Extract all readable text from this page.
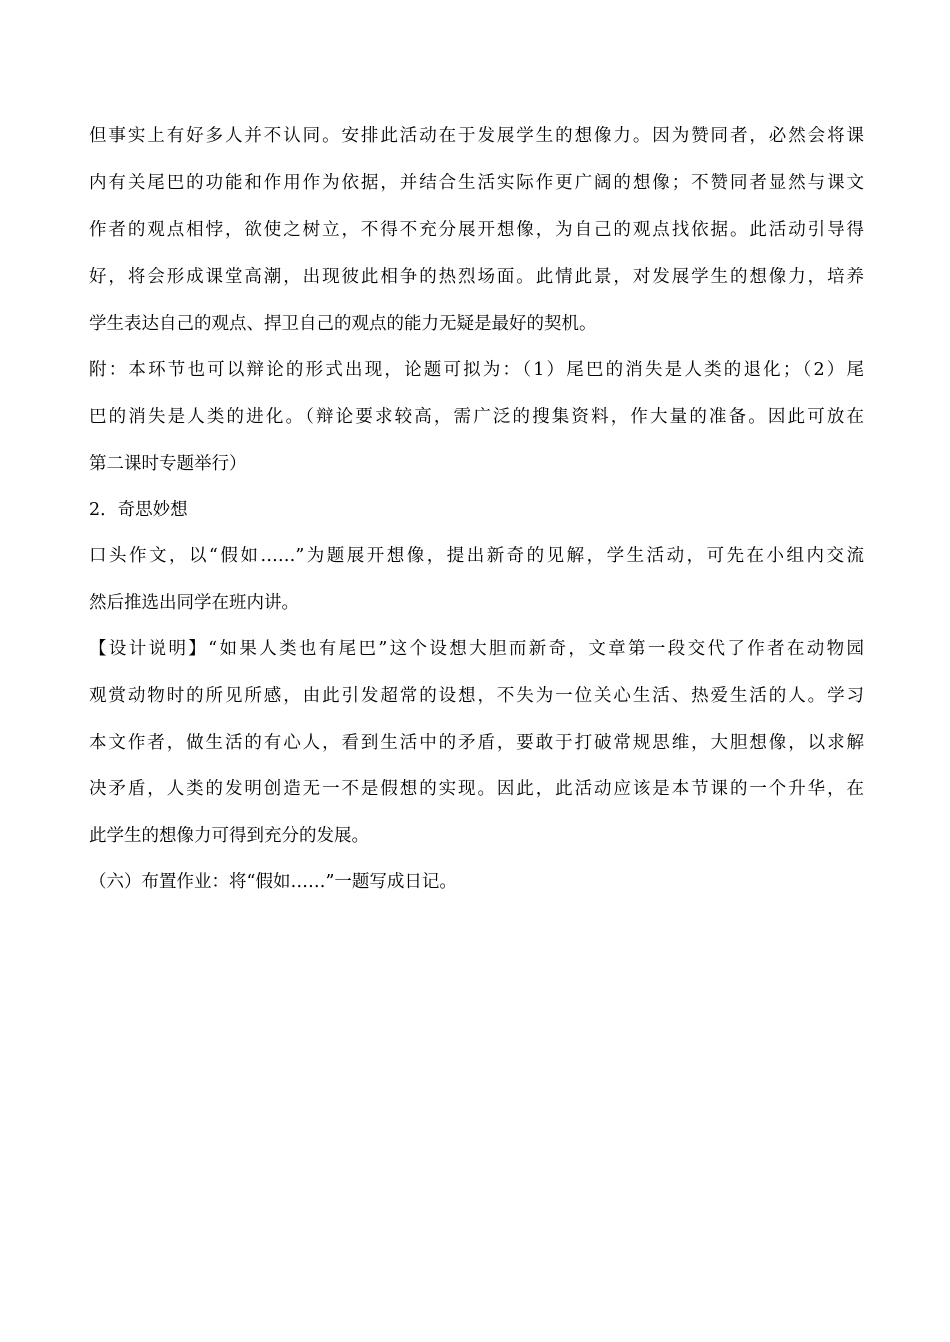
但事实上有好多人并不认同。安排此活动在于发展学生的想像力。因为赞同者，必然会将课
内有关尾巴的功能和作用作为依据，并结合生活实际作更广阔的想像；不赞同者显然与课文
作者的观点相悖，欲使之树立，不得不充分展开想像，为自己的观点找依据。此活动引导得
好，将会形成课堂高潮，出现彼此相争的热烈场面。此情此景，对发展学生的想像力，培养
学生表达自己的观点、捍卫自己的观点的能力无疑是最好的契机。
附：本环节也可以辩论的形式出现，论题可拟为：（1）尾巴的消失是人类的退化；（2）尾
巴的消失是人类的进化。（辩论要求较高，需广泛的搜集资料，作大量的准备。因此可放在
第二课时专题举行）
2．奇思妙想
口头作文，以“假如……”为题展开想像，提出新奇的见解，学生活动，可先在小组内交流
然后推选出同学在班内讲。
【设计说明】“如果人类也有尾巴”这个设想大胆而新奇，文章第一段交代了作者在动物园
观赏动物时的所见所感，由此引发超常的设想，不失为一位关心生活、热爱生活的人。学习
本文作者，做生活的有心人，看到生活中的矛盾，要敢于打破常规思维，大胆想像，以求解
决矛盾，人类的发明创造无一不是假想的实现。因此，此活动应该是本节课的一个升华，在
此学生的想像力可得到充分的发展。
（六）布置作业：将“假如……”一题写成日记。
